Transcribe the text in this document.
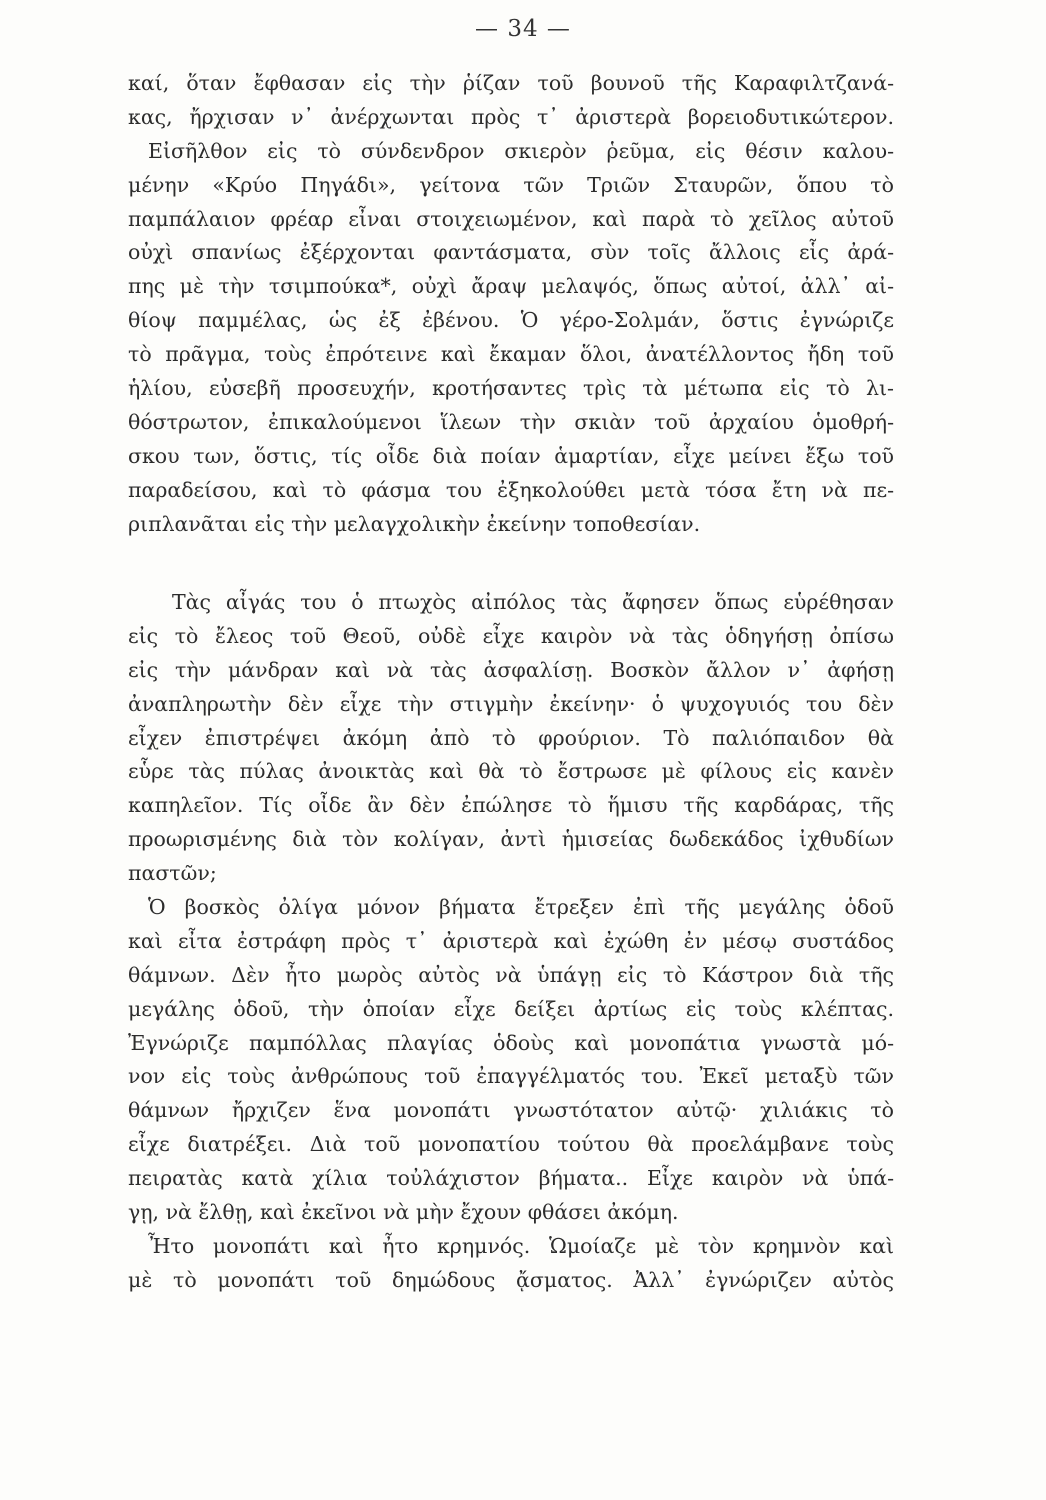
— 34 —
καί, ὅταν ἔφθασαν εἰς τὴν ῥίζαν τοῦ βουνοῦ τῆς Καραφιλτζανά-
κας, ἤρχισαν ν᾽ ἀνέρχωνται πρὸς τ᾽ ἀριστερὰ βορειοδυτικώτερον.
Εἰσῆλθον εἰς τὸ σύνδενδρον σκιερὸν ῥεῦμα, εἰς θέσιν καλου-
μένην «Κρύο Πηγάδι», γείτονα τῶν Τριῶν Σταυρῶν, ὅπου τὸ
παμπάλαιον φρέαρ εἶναι στοιχειωμένον, καὶ παρὰ τὸ χεῖλος αὐτοῦ
οὐχὶ σπανίως ἐξέρχονται φαντάσματα, σὺν τοῖς ἄλλοις εἷς ἀρά-
πης μὲ τὴν τσιμπούκα*, οὐχὶ ἄραψ μελαψός, ὅπως αὐτοί, ἀλλ᾽ αἰ-
θίοψ παμμέλας, ὡς ἐξ ἐβένου. Ὁ γέρο-Σολμάν, ὅστις ἐγνώριζε
τὸ πρᾶγμα, τοὺς ἐπρότεινε καὶ ἔκαμαν ὅλοι, ἀνατέλλοντος ἤδη τοῦ
ἡλίου, εὐσεβῆ προσευχήν, κροτήσαντες τρὶς τὰ μέτωπα εἰς τὸ λι-
θόστρωτον, ἐπικαλούμενοι ἵλεων τὴν σκιὰν τοῦ ἀρχαίου ὁμοθρή-
σκου των, ὅστις, τίς οἶδε διὰ ποίαν ἁμαρτίαν, εἶχε μείνει ἔξω τοῦ
παραδείσου, καὶ τὸ φάσμα του ἐξηκολούθει μετὰ τόσα ἔτη νὰ πε-
ριπλανᾶται εἰς τὴν μελαγχολικὴν ἐκείνην τοποθεσίαν.
Τὰς αἶγάς του ὁ πτωχὸς αἰπόλος τὰς ἄφησεν ὅπως εὑρέθησαν
εἰς τὸ ἔλεος τοῦ Θεοῦ, οὐδὲ εἶχε καιρὸν νὰ τὰς ὁδηγήσῃ ὀπίσω
εἰς τὴν μάνδραν καὶ νὰ τὰς ἀσφαλίσῃ. Βοσκὸν ἄλλον ν᾽ ἀφήσῃ
ἀναπληρωτὴν δὲν εἶχε τὴν στιγμὴν ἐκείνην· ὁ ψυχογυιός του δὲν
εἶχεν ἐπιστρέψει ἀκόμη ἀπὸ τὸ φρούριον. Τὸ παλιόπαιδον θὰ
εὗρε τὰς πύλας ἀνοικτὰς καὶ θὰ τὸ ἔστρωσε μὲ φίλους εἰς κανὲν
καπηλεῖον. Τίς οἶδε ἂν δὲν ἐπώλησε τὸ ἥμισυ τῆς καρδάρας, τῆς
προωρισμένης διὰ τὸν κολίγαν, ἀντὶ ἡμισείας δωδεκάδος ἰχθυδίων
παστῶν;
Ὁ βοσκὸς ὀλίγα μόνον βήματα ἔτρεξεν ἐπὶ τῆς μεγάλης ὁδοῦ
καὶ εἶτα ἐστράφη πρὸς τ᾽ ἀριστερὰ καὶ ἐχώθη ἐν μέσῳ συστάδος
θάμνων. Δὲν ἦτο μωρὸς αὐτὸς νὰ ὑπάγῃ εἰς τὸ Κάστρον διὰ τῆς
μεγάλης ὁδοῦ, τὴν ὁποίαν εἶχε δείξει ἀρτίως εἰς τοὺς κλέπτας.
Ἐγνώριζε παμπόλλας πλαγίας ὁδοὺς καὶ μονοπάτια γνωστὰ μό-
νον εἰς τοὺς ἀνθρώπους τοῦ ἐπαγγέλματός του. Ἐκεῖ μεταξὺ τῶν
θάμνων ἤρχιζεν ἕνα μονοπάτι γνωστότατον αὐτῷ· χιλιάκις τὸ
εἶχε διατρέξει. Διὰ τοῦ μονοπατίου τούτου θὰ προελάμβανε τοὺς
πειρατὰς κατὰ χίλια τοὐλάχιστον βήματα.. Εἶχε καιρὸν νὰ ὑπά-
γῃ, νὰ ἔλθῃ, καὶ ἐκεῖνοι νὰ μὴν ἔχουν φθάσει ἀκόμη.
Ἦτο μονοπάτι καὶ ἦτο κρημνός. Ὡμοίαζε μὲ τὸν κρημνὸν καὶ
μὲ τὸ μονοπάτι τοῦ δημώδους ᾄσματος. Ἀλλ᾽ ἐγνώριζεν αὐτὸς
